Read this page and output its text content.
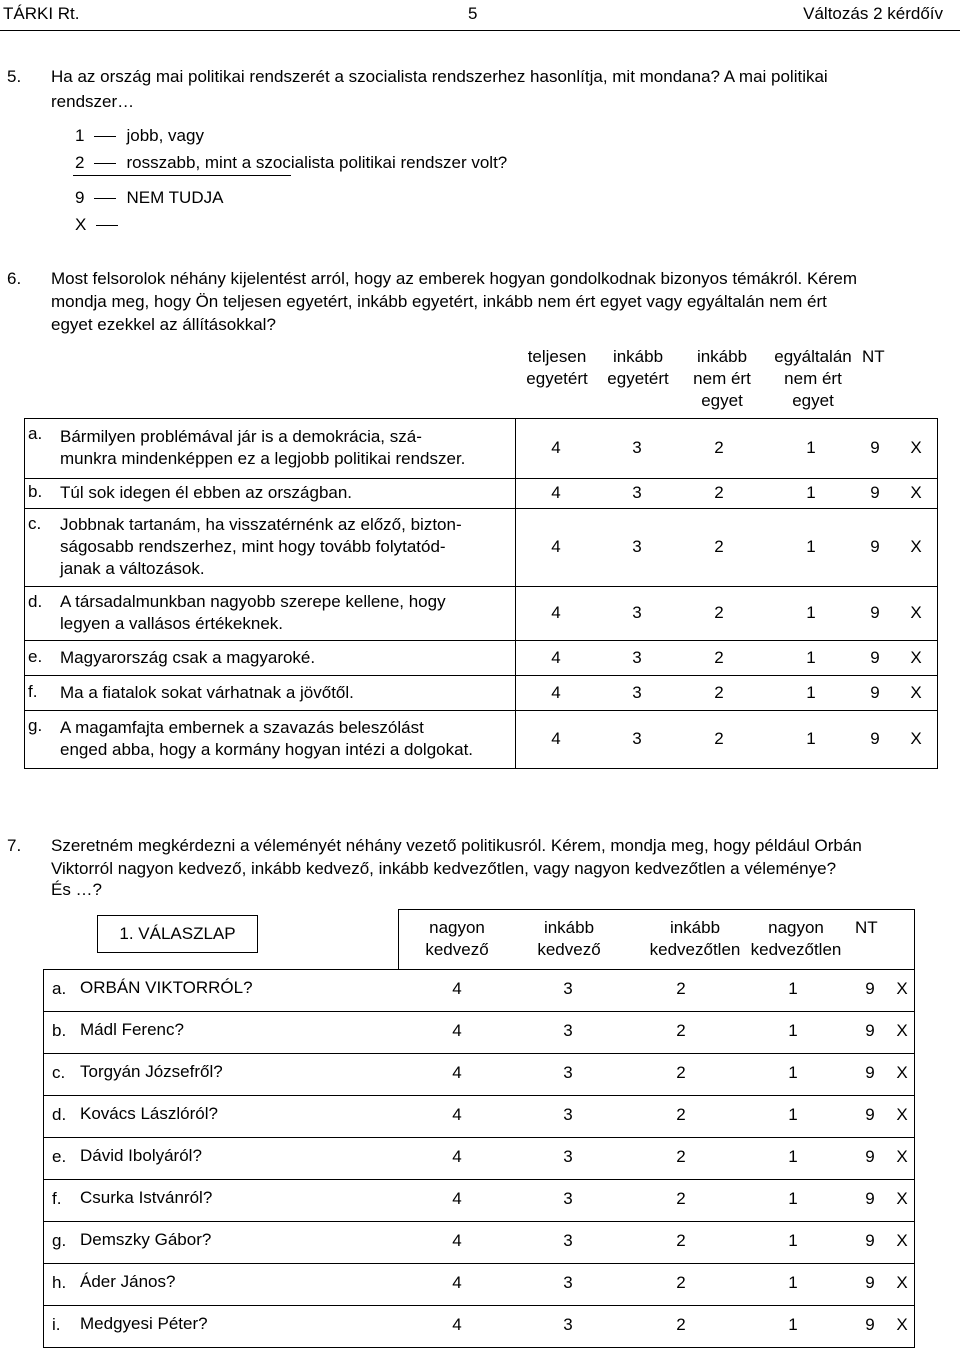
TÁRKI Rt.	5	Változás 2 kérdőív
5. Ha az ország mai politikai rendszerét a szocialista rendszerhez hasonlítja, mit mondana? A mai politikai
rendszer…
1 jobb, vagy
2 rosszabb, mint a szocialista politikai rendszer volt?
9 NEM TUDJA
X
6. Most felsorolok néhány kijelentést arról, hogy az emberek hogyan gondolkodnak bizonyos témákról. Kérem
mondja meg, hogy Ön teljesen egyetért, inkább egyetért, inkább nem ért egyet vagy egyáltalán nem ért
egyet ezekkel az állításokkal?
teljesen
egyetért
inkább
egyetért
inkább
nem ért
egyet
egyáltalán
nem ért
egyet
NT

a. Bármilyen problémával jár is a demokrácia, szá-
munkra mindenképpen ez a legjobb politikai rendszer.
4	3	2	1	9	X
b. Túl sok idegen él ebben az országban.	4	3	2	1	9	X
c. Jobbnak tartanám, ha visszatérnénk az előző, bizton-
ságosabb rendszerhez, mint hogy tovább folytatód-
janak a változások.
4	3	2	1	9	X
d. A társadalmunkban nagyobb szerepe kellene, hogy
legyen a vallásos értékeknek.
4	3	2	1	9	X
e. Magyarország csak a magyaroké.	4	3	2	1	9	X
f. Ma a fiatalok sokat várhatnak a jövőtől.	4	3	2	1	9	X
g. A magamfajta embernek a szavazás beleszólást
enged abba, hogy a kormány hogyan intézi a dolgokat.
4	3	2	1	9	X
7. Szeretném megkérdezni a véleményét néhány vezető politikusról. Kérem, mondja meg, hogy például Orbán
Viktorról nagyon kedvező, inkább kedvező, inkább kedvezőtlen, vagy nagyon kedvezőtlen a véleménye?
És …?
1. VÁLASZLAP	nagyon
kedvező
inkább
kedvező
inkább
kedvezőtlen
nagyon
kedvezőtlen
NT

a. ORBÁN VIKTORRÓL?	4	3	2	1	9	X
b. Mádl Ferenc?	4	3	2	1	9	X
c. Torgyán Józsefről?	4	3	2	1	9	X
d. Kovács Lászlóról?	4	3	2	1	9	X
e. Dávid Ibolyáról?	4	3	2	1	9	X
f. Csurka Istvánról?	4	3	2	1	9	X
g. Demszky Gábor?	4	3	2	1	9	X
h. Áder János?	4	3	2	1	9	X
i. Medgyesi Péter?	4	3	2	1	9	X
